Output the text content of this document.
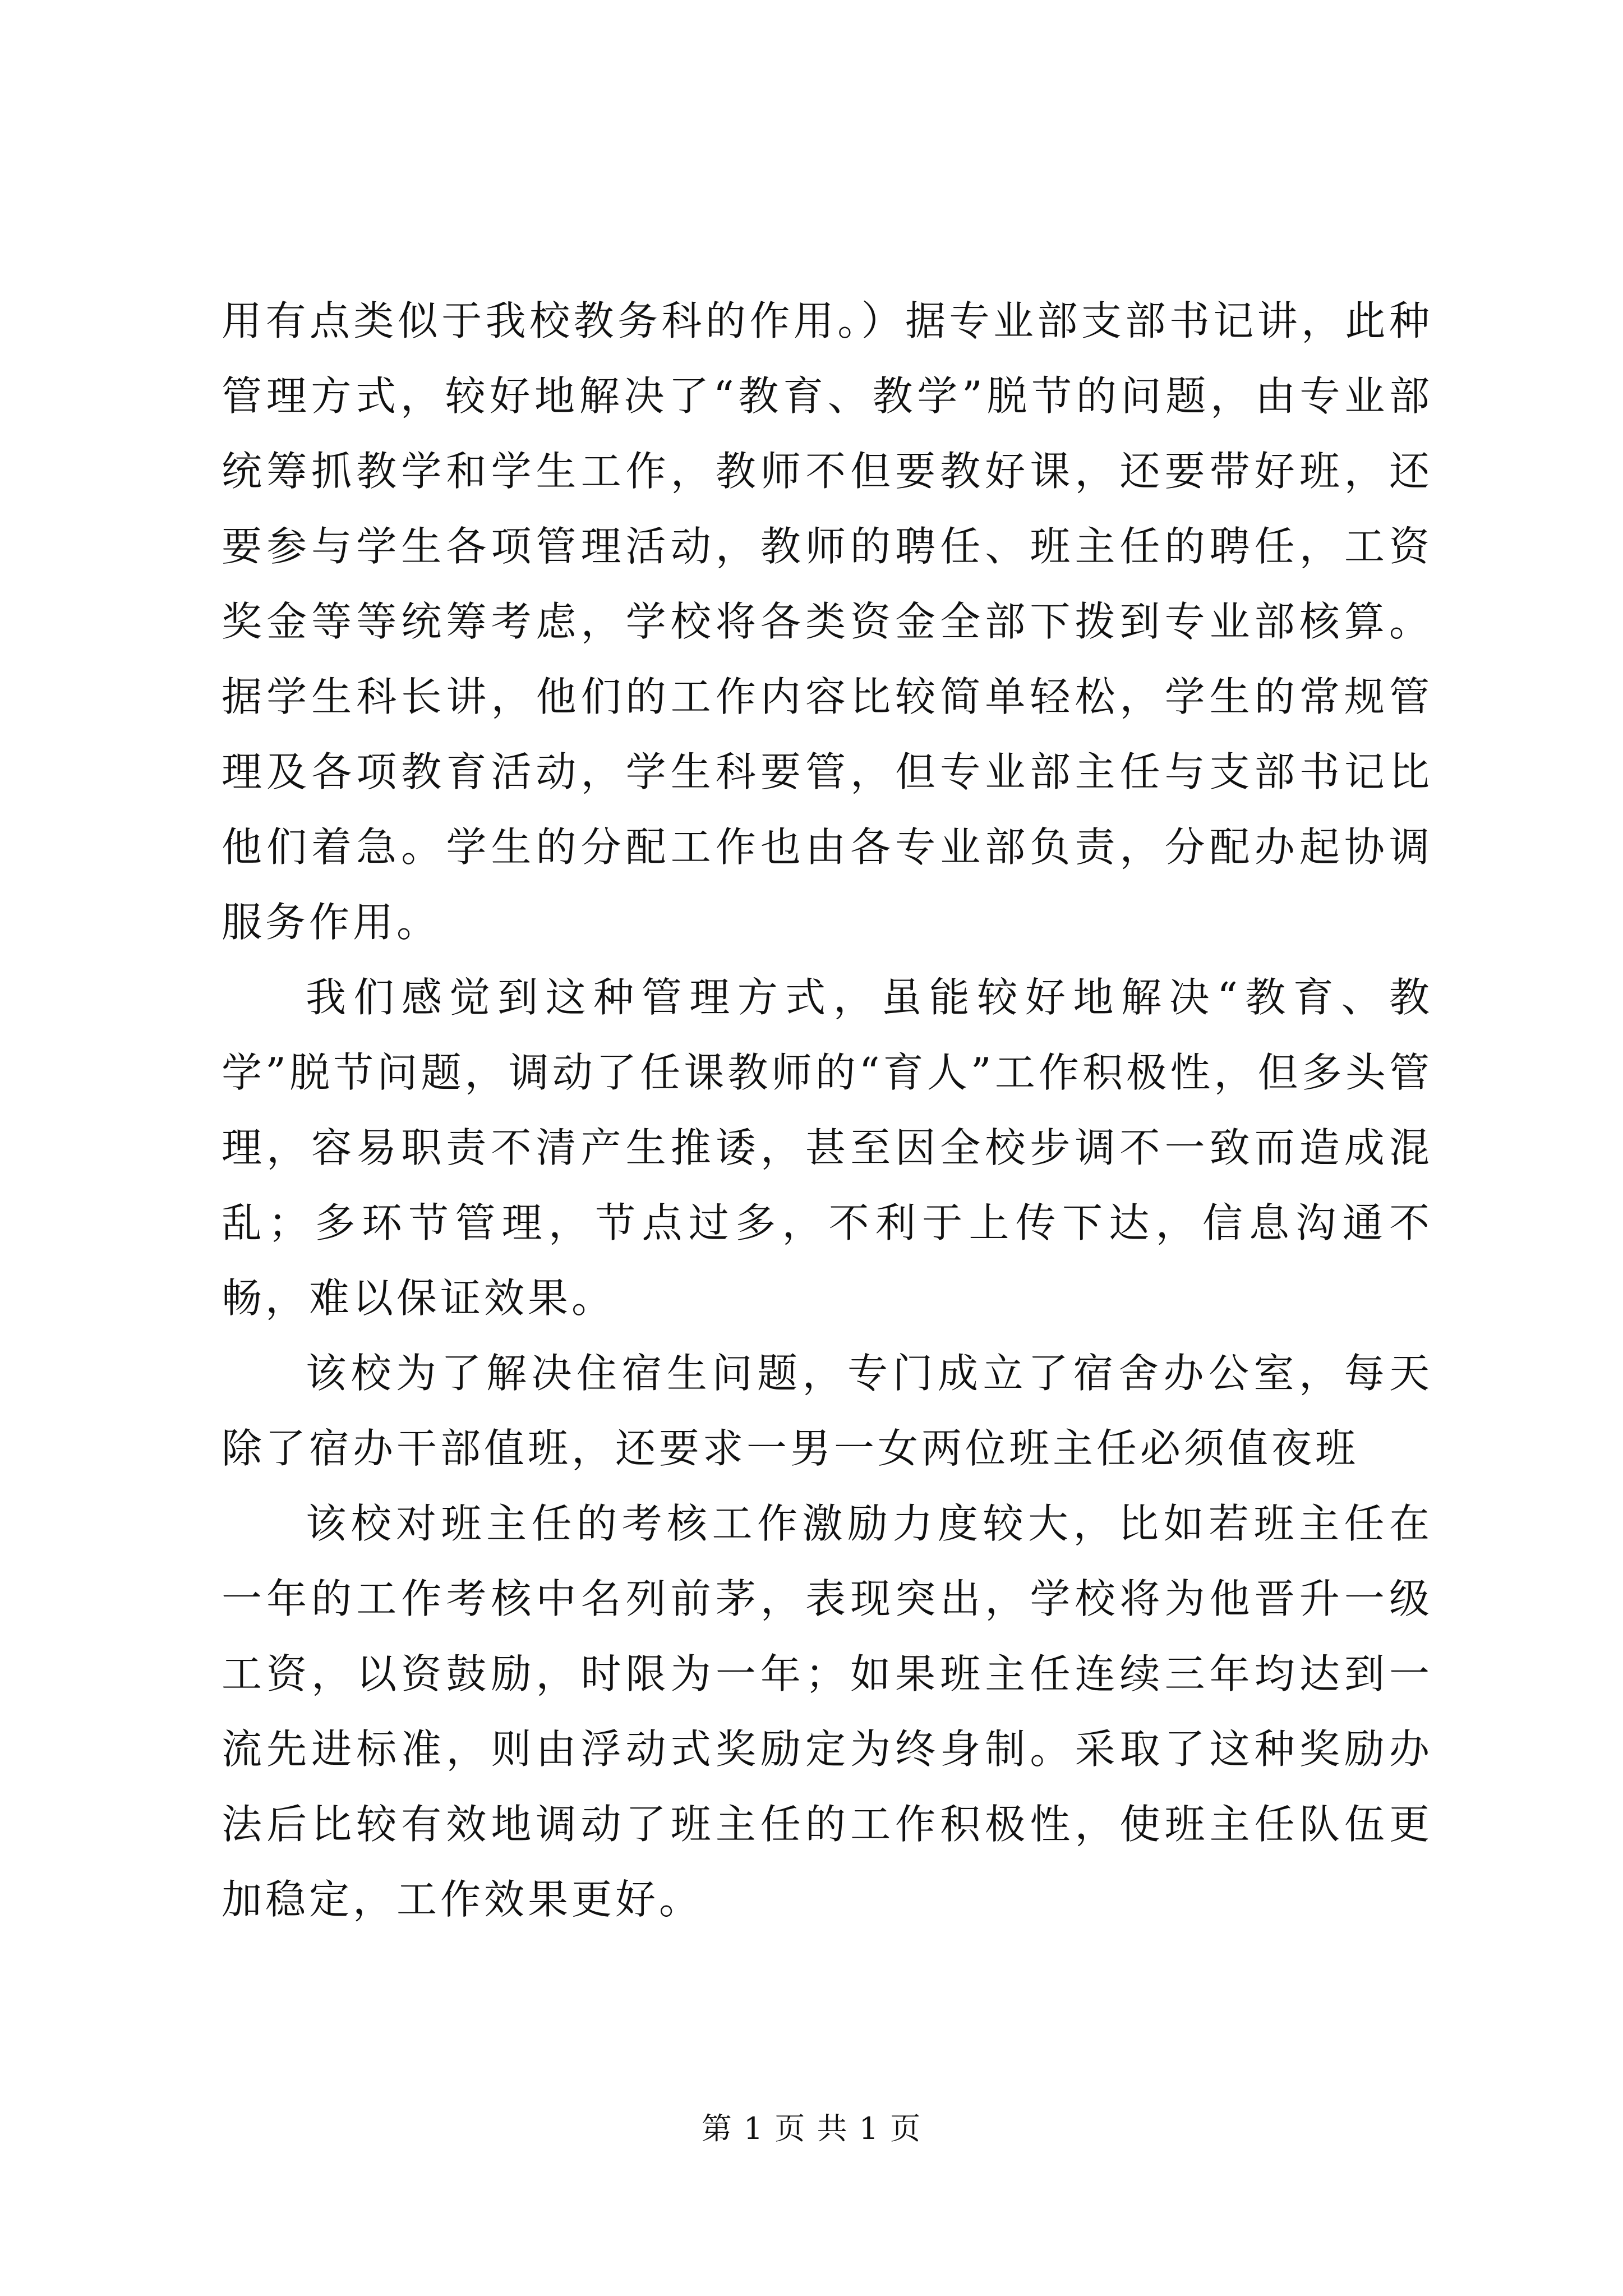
用有点类似于我校教务科的作用。）据专业部支部书记讲，此种管理方式，较好地解决了“教育、教学”脱节的问题，由专业部统筹抓教学和学生工作，教师不但要教好课，还要带好班，还要参与学生各项管理活动，教师的聘任、班主任的聘任，工资奖金等等统筹考虑，学校将各类资金全部下拨到专业部核算。据学生科长讲，他们的工作内容比较简单轻松，学生的常规管理及各项教育活动，学生科要管，但专业部主任与支部书记比他们着急。学生的分配工作也由各专业部负责，分配办起协调服务作用。

我们感觉到这种管理方式，虽能较好地解决“教育、教学”脱节问题，调动了任课教师的“育人”工作积极性，但多头管理，容易职责不清产生推诿，甚至因全校步调不一致而造成混乱；多环节管理，节点过多，不利于上传下达，信息沟通不畅，难以保证效果。

该校为了解决住宿生问题，专门成立了宿舍办公室，每天除了宿办干部值班，还要求一男一女两位班主任必须值夜班

该校对班主任的考核工作激励力度较大，比如若班主任在一年的工作考核中名列前茅，表现突出，学校将为他晋升一级工资，以资鼓励，时限为一年；如果班主任连续三年均达到一流先进标准，则由浮动式奖励定为终身制。采取了这种奖励办法后比较有效地调动了班主任的工作积极性，使班主任队伍更加稳定，工作效果更好。

第 1 页 共 1 页
